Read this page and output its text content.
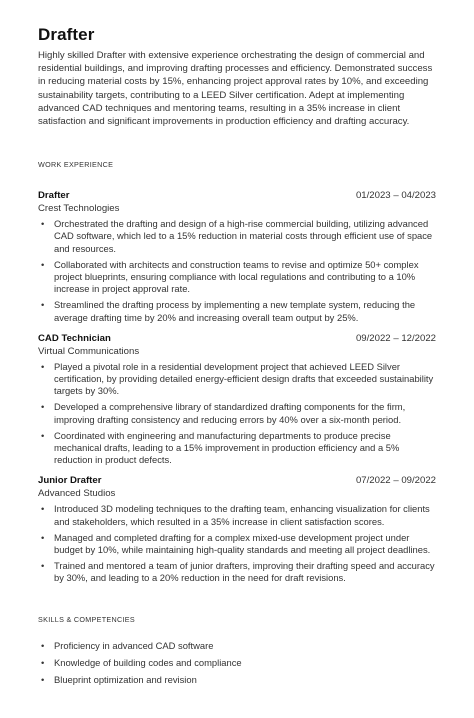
Drafter

Highly skilled Drafter with extensive experience orchestrating the design of commercial and residential buildings, and improving drafting processes and efficiency. Demonstrated success in reducing material costs by 15%, enhancing project approval rates by 10%, and exceeding sustainability targets, contributing to a LEED Silver certification. Adept at implementing advanced CAD techniques and mentoring teams, resulting in a 35% increase in client satisfaction and significant improvements in production efficiency and drafting accuracy.

WORK EXPERIENCE
Drafter	01/2023 – 04/2023
Crest Technologies
• Orchestrated the drafting and design of a high-rise commercial building, utilizing advanced CAD software, which led to a 15% reduction in material costs through efficient use of space and resources.
• Collaborated with architects and construction teams to revise and optimize 50+ complex project blueprints, ensuring compliance with local regulations and contributing to a 10% increase in project approval rate.
• Streamlined the drafting process by implementing a new template system, reducing the average drafting time by 20% and increasing overall team output by 25%.
CAD Technician	09/2022 – 12/2022
Virtual Communications
• Played a pivotal role in a residential development project that achieved LEED Silver certification, by providing detailed energy-efficient design drafts that exceeded sustainability targets by 30%.
• Developed a comprehensive library of standardized drafting components for the firm, improving drafting consistency and reducing errors by 40% over a six-month period.
• Coordinated with engineering and manufacturing departments to produce precise mechanical drafts, leading to a 15% improvement in production efficiency and a 5% reduction in product defects.
Junior Drafter	07/2022 – 09/2022
Advanced Studios
• Introduced 3D modeling techniques to the drafting team, enhancing visualization for clients and stakeholders, which resulted in a 35% increase in client satisfaction scores.
• Managed and completed drafting for a complex mixed-use development project under budget by 10%, while maintaining high-quality standards and meeting all project deadlines.
• Trained and mentored a team of junior drafters, improving their drafting speed and accuracy by 30%, and leading to a 20% reduction in the need for draft revisions.
SKILLS & COMPETENCIES
• Proficiency in advanced CAD software
• Knowledge of building codes and compliance
• Blueprint optimization and revision
